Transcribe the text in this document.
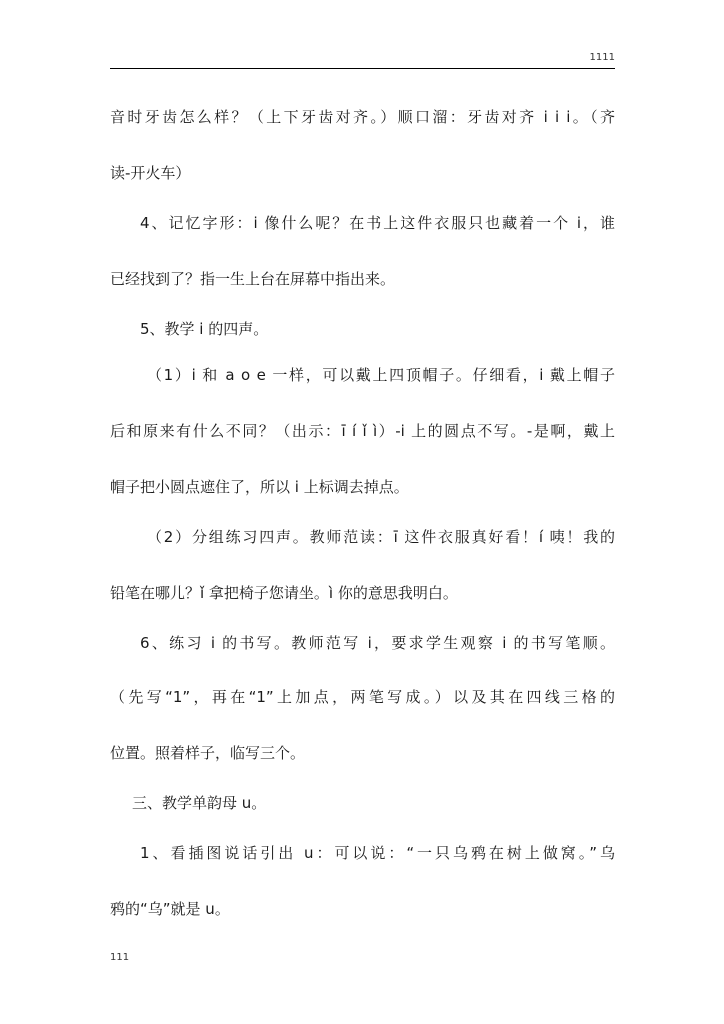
1111
音时牙齿怎么样？（上下牙齿对齐。）顺口溜：牙齿对齐 i i i。（齐
读-开火车）
4、记忆字形：i 像什么呢？在书上这件衣服只也藏着一个 i，谁
已经找到了？指一生上台在屏幕中指出来。
5、教学 i 的四声。
（1）i 和 a o e 一样，可以戴上四顶帽子。仔细看，i 戴上帽子
后和原来有什么不同？（出示：ī í ǐ ì）-i 上的圆点不写。-是啊，戴上
帽子把小圆点遮住了，所以 i 上标调去掉点。
（2）分组练习四声。教师范读：ī 这件衣服真好看！í 咦！我的
铅笔在哪儿？ǐ 拿把椅子您请坐。ì 你的意思我明白。
6、练习 i 的书写。教师范写 i，要求学生观察 i 的书写笔顺。
（先写“1”，再在“1”上加点，两笔写成。）以及其在四线三格的
位置。照着样子，临写三个。
三、教学单韵母 u。
1、看插图说话引出 u：可以说：“一只乌鸦在树上做窝。”乌
鸦的“乌”就是 u。
111
